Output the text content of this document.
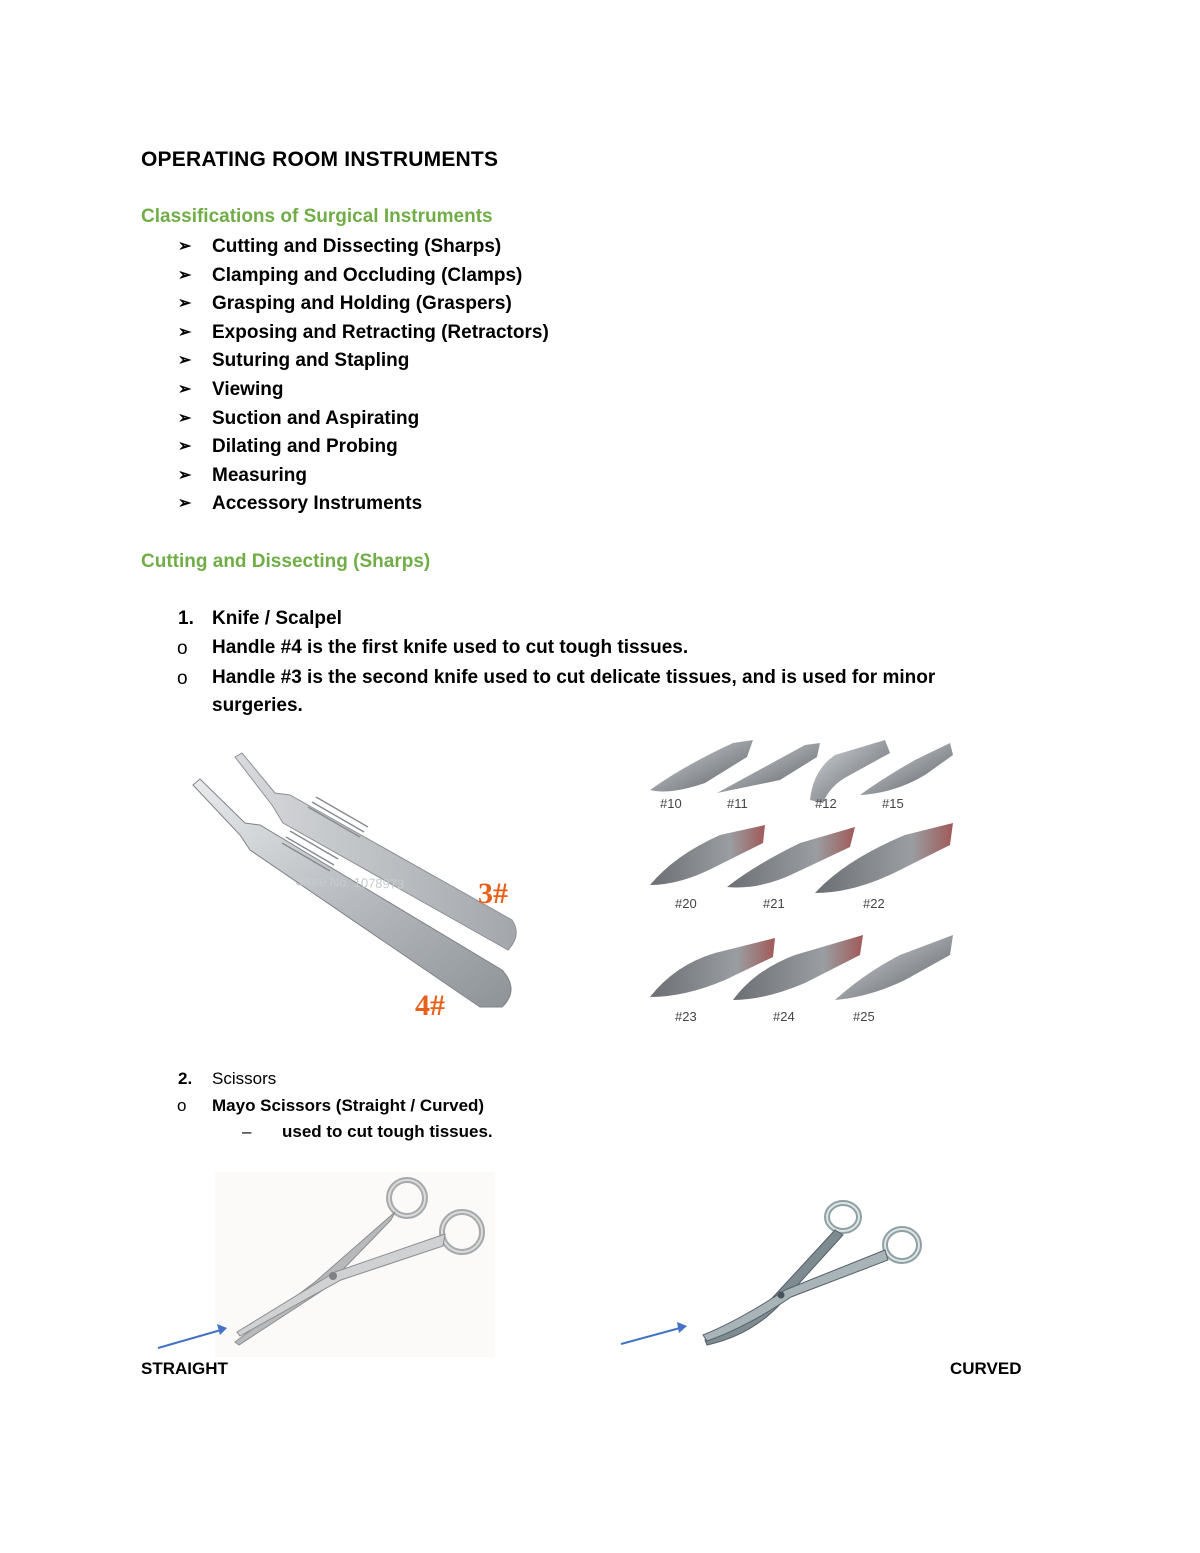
OPERATING ROOM INSTRUMENTS
Classifications of Surgical Instruments
➢	Cutting and Dissecting (Sharps)
➢	Clamping and Occluding (Clamps)
➢	Grasping and Holding (Graspers)
➢	Exposing and Retracting (Retractors)
➢	Suturing and Stapling
➢	Viewing
➢	Suction and Aspirating
➢	Dilating and Probing
➢	Measuring
➢	Accessory Instruments
Cutting and Dissecting (Sharps)
1. Knife / Scalpel
o Handle #4 is the first knife used to cut tough tissues.
o Handle #3 is the second knife used to cut delicate tissues, and is used for minor
surgeries.
Store No. 1078973 3#
4#
#10	#11	#12	#15
#20	#21	#22
#23	#24	#25
2. Scissors
o Mayo Scissors (Straight / Curved)
– used to cut tough tissues.
STRAIGHT	CURVED
